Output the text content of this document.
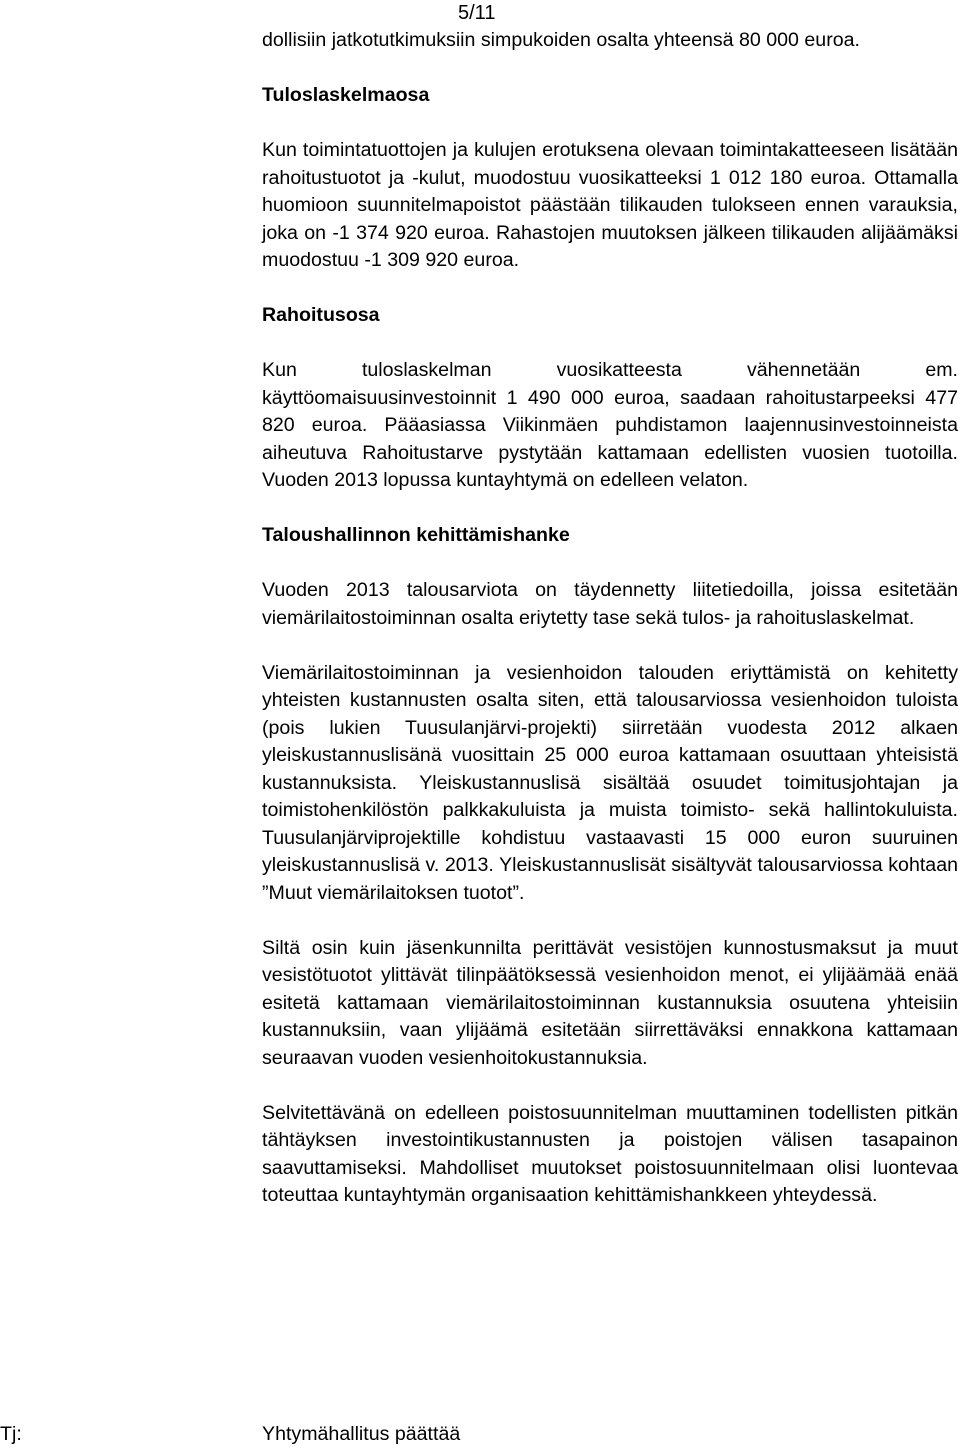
5/11

dollisiin jatkotutkimuksiin simpukoiden osalta yhteensä 80 000 euroa.

Tuloslaskelmaosa

Kun toimintatuottojen ja kulujen erotuksena olevaan toimintakatteeseen lisätään rahoitustuotot ja -kulut, muodostuu vuosikatteeksi 1 012 180 euroa. Ottamalla huomioon suunnitelmapoistot päästään tilikauden tulokseen ennen varauksia, joka on -1 374 920 euroa. Rahastojen muutoksen jälkeen tilikauden alijäämäksi muodostuu -1 309 920 euroa.

Rahoitusosa

Kun tuloslaskelman vuosikatteesta vähennetään em. käyttöomaisuusinvestoinnit 1 490 000 euroa, saadaan rahoitustarpeeksi 477 820 euroa. Pääasiassa Viikinmäen puhdistamon laajennusinvestoinneista aiheutuva Rahoitustarve pystytään kattamaan edellisten vuosien tuotoilla. Vuoden 2013 lopussa kuntayhtymä on edelleen velaton.

Taloushallinnon kehittämishanke

Vuoden 2013 talousarviota on täydennetty liitetiedoilla, joissa esitetään viemärilaitostoiminnan osalta eriytetty tase sekä tulos- ja rahoituslaskelmat.

Viemärilaitostoiminnan ja vesienhoidon talouden eriyttämistä on kehitetty yhteisten kustannusten osalta siten, että talousarviossa vesienhoidon tuloista (pois lukien Tuusulanjärvi-projekti) siirretään vuodesta 2012 alkaen yleiskustannuslisänä vuosittain 25 000 euroa kattamaan osuuttaan yhteisistä kustannuksista. Yleiskustannuslisä sisältää osuudet toimitusjohtajan ja toimistohenkilöstön palkkakuluista ja muista toimisto- sekä hallintokuluista. Tuusulanjärviprojektille kohdistuu vastaavasti 15 000 euron suuruinen yleiskustannuslisä v. 2013. Yleiskustannuslisät sisältyvät talousarviossa kohtaan ”Muut viemärilaitoksen tuotot”.

Siltä osin kuin jäsenkunnilta perittävät vesistöjen kunnostusmaksut ja muut vesistötuotot ylittävät tilinpäätöksessä vesienhoidon menot, ei ylijäämää enää esitetä kattamaan viemärilaitostoiminnan kustannuksia osuutena yhteisiin kustannuksiin, vaan ylijäämä esitetään siirrettäväksi ennakkona kattamaan seuraavan vuoden vesienhoitokustannuksia.

Selvitettävänä on edelleen poistosuunnitelman muuttaminen todellisten pitkän tähtäyksen investointikustannusten ja poistojen välisen tasapainon saavuttamiseksi. Mahdolliset muutokset poistosuunnitelmaan olisi luontevaa toteuttaa kuntayhtymän organisaation kehittämishankkeen yhteydessä.

Tj:	Yhtymähallitus päättää
